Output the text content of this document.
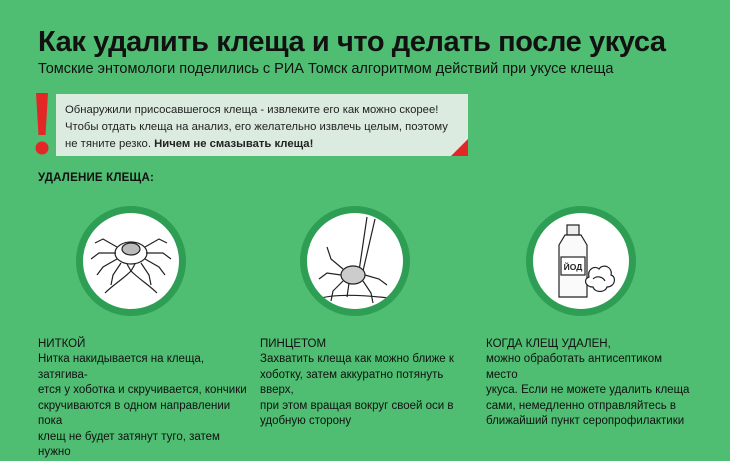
Как удалить клеща и что делать после укуса
Томские энтомологи поделились с РИА Томск алгоритмом действий при укусе клеща
Обнаружили присосавшегося клеща - извлеките его как можно скорее! Чтобы отдать клеща на анализ, его желательно извлечь целым, поэтому не тяните резко. Ничем не смазывать клеща!
УДАЛЕНИЕ КЛЕЩА:
ЙОД
НИТКОЙ
Нитка накидывается на клеща, затягива-
ется у хоботка и скручивается, кончики
скручиваются в одном направлении пока
клещ не будет затянут туго, затем нужно
ПИНЦЕТОМ
Захватить клеща как можно ближе к
хоботку, затем аккуратно потянуть вверх,
при этом вращая вокруг своей оси в
удобную сторону
КОГДА КЛЕЩ УДАЛЕН,
можно обработать антисептиком место
укуса. Если не можете удалить клеща
сами, немедленно отправляйтесь в
ближайший пункт серопрофилактики
